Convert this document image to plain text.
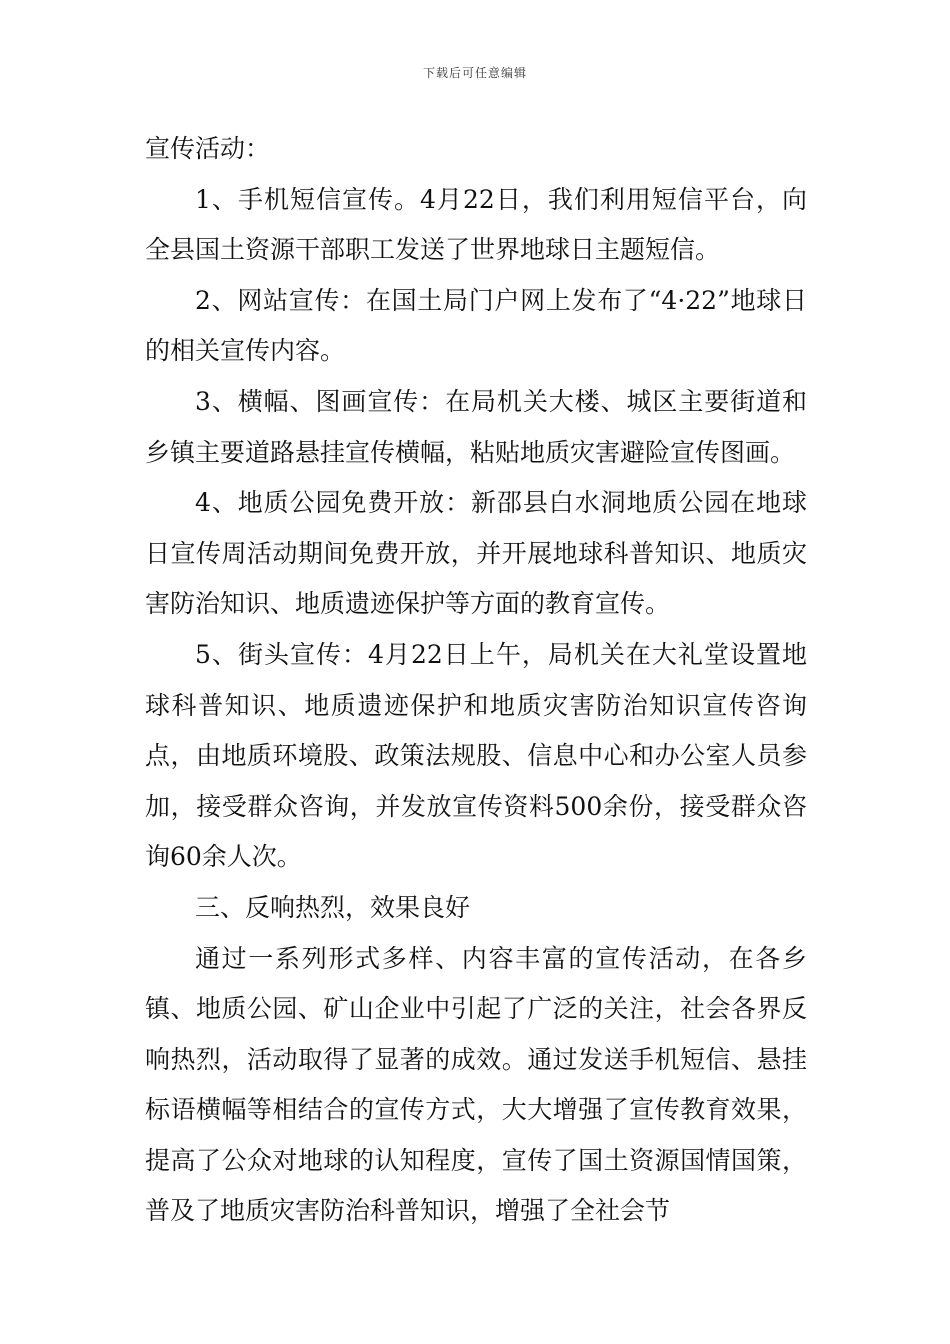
下载后可任意编辑

宣传活动：

1、手机短信宣传。4月22日，我们利用短信平台，向全县国土资源干部职工发送了世界地球日主题短信。

2、网站宣传：在国土局门户网上发布了“4·22”地球日的相关宣传内容。

3、横幅、图画宣传：在局机关大楼、城区主要街道和乡镇主要道路悬挂宣传横幅，粘贴地质灾害避险宣传图画。

4、地质公园免费开放：新邵县白水洞地质公园在地球日宣传周活动期间免费开放，并开展地球科普知识、地质灾害防治知识、地质遗迹保护等方面的教育宣传。

5、街头宣传：4月22日上午，局机关在大礼堂设置地球科普知识、地质遗迹保护和地质灾害防治知识宣传咨询点，由地质环境股、政策法规股、信息中心和办公室人员参加，接受群众咨询，并发放宣传资料500余份，接受群众咨询60余人次。

三、反响热烈，效果良好

通过一系列形式多样、内容丰富的宣传活动，在各乡镇、地质公园、矿山企业中引起了广泛的关注，社会各界反响热烈，活动取得了显著的成效。通过发送手机短信、悬挂标语横幅等相结合的宣传方式，大大增强了宣传教育效果，提高了公众对地球的认知程度，宣传了国土资源国情国策，普及了地质灾害防治科普知识，增强了全社会节
